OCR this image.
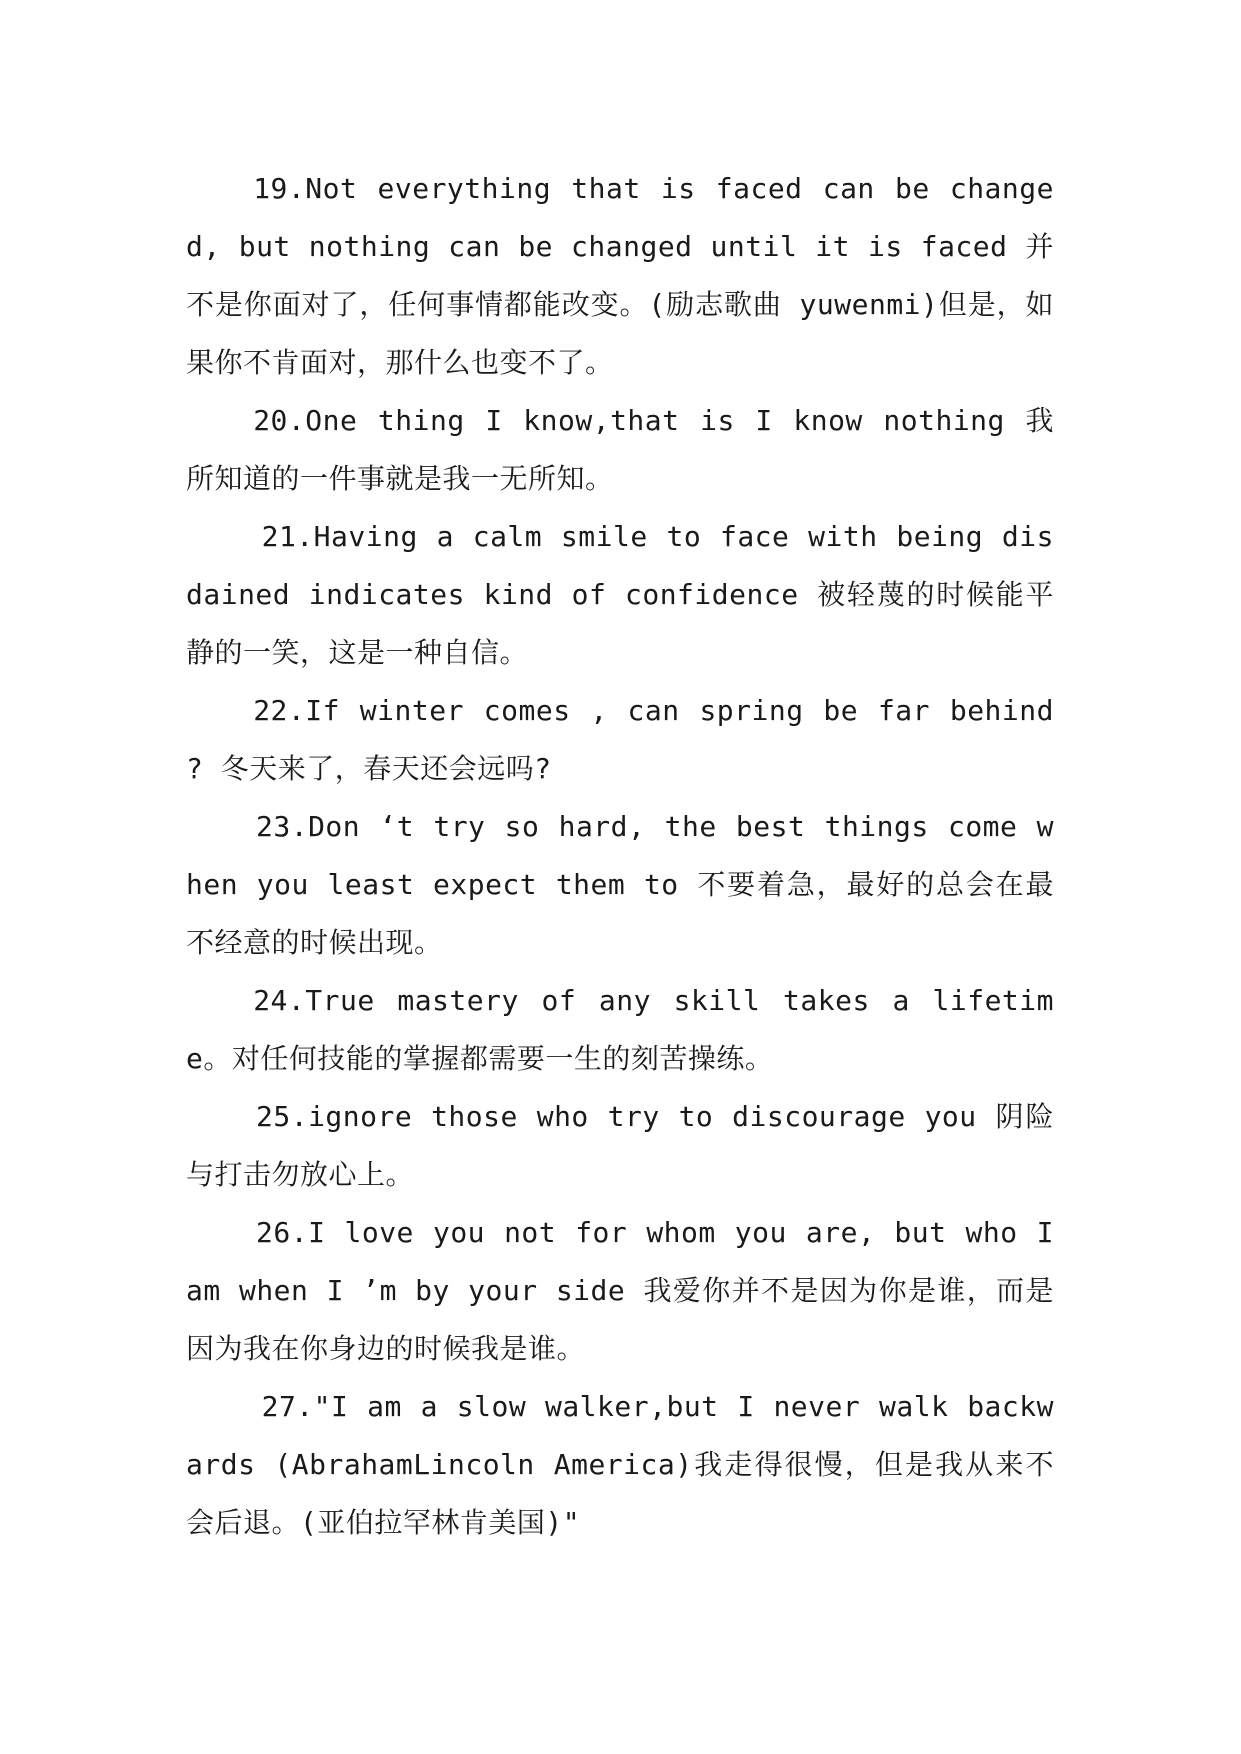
19.Not everything that is faced can be changed, but nothing can be changed until it is faced 并不是你面对了，任何事情都能改变。(励志歌曲 yuwenmi)但是，如果你不肯面对，那什么也变不了。

20.One thing I know,that is I know nothing 我所知道的一件事就是我一无所知。

21.Having a calm smile to face with being disdained indicates kind of confidence 被轻蔑的时候能平静的一笑，这是一种自信。

22.If winter comes , can spring be far behind ? 冬天来了，春天还会远吗?

23.Don ‘t try so hard, the best things come when you least expect them to 不要着急，最好的总会在最不经意的时候出现。

24.True mastery of any skill takes a lifetime。对任何技能的掌握都需要一生的刻苦操练。

25.ignore those who try to discourage you 阴险与打击勿放心上。

26.I love you not for whom you are, but who I am when I ’m by your side 我爱你并不是因为你是谁，而是因为我在你身边的时候我是谁。

27."I am a slow walker,but I never walk backwards (AbrahamLincoln America)我走得很慢，但是我从来不会后退。(亚伯拉罕林肯美国)"
